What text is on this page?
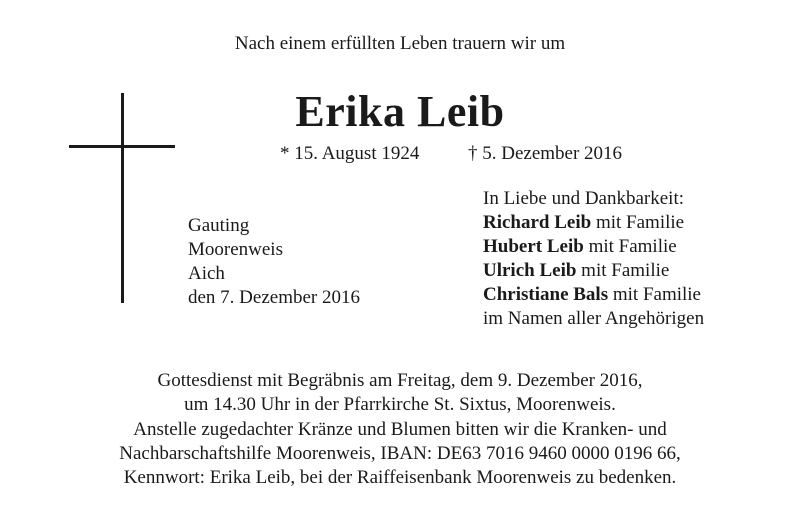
Nach einem erfüllten Leben trauern wir um
Erika Leib
* 15. August 1924	† 5. Dezember 2016
Gauting
Moorenweis
Aich
den 7. Dezember 2016
In Liebe und Dankbarkeit:
Richard Leib mit Familie
Hubert Leib mit Familie
Ulrich Leib mit Familie
Christiane Bals mit Familie
im Namen aller Angehörigen
Gottesdienst mit Begräbnis am Freitag, dem 9. Dezember 2016,
um 14.30 Uhr in der Pfarrkirche St. Sixtus, Moorenweis.
Anstelle zugedachter Kränze und Blumen bitten wir die Kranken- und
Nachbarschaftshilfe Moorenweis, IBAN: DE63 7016 9460 0000 0196 66,
Kennwort: Erika Leib, bei der Raiffeisenbank Moorenweis zu bedenken.
